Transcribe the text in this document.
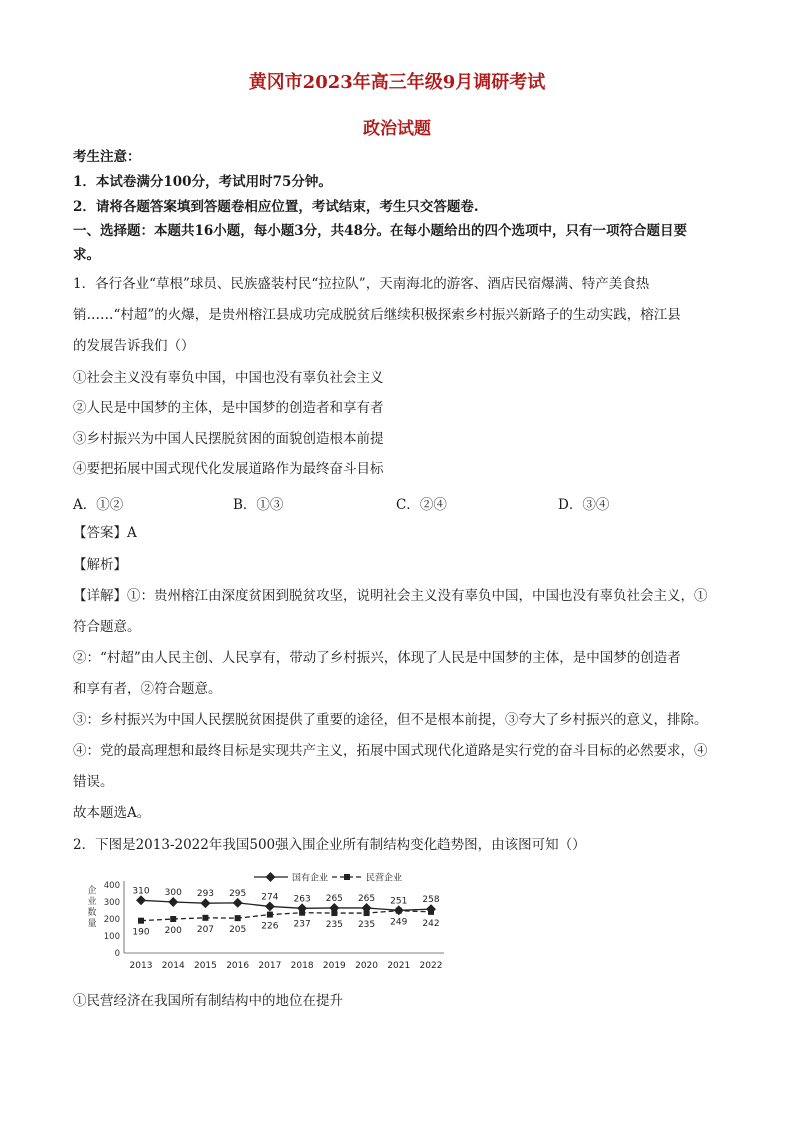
黄冈市2023年高三年级9月调研考试
政治试题
考生注意：
1．本试卷满分100分，考试用时75分钟。
2．请将各题答案填到答题卷相应位置，考试结束，考生只交答题卷.
一、选择题：本题共16小题，每小题3分，共48分。在每小题给出的四个选项中，只有一项符合题目要
求。
1．各行各业“草根”球员、民族盛装村民“拉拉队”，天南海北的游客、酒店民宿爆满、特产美食热
销……“村超”的火爆，是贵州榕江县成功完成脱贫后继续积极探索乡村振兴新路子的生动实践，榕江县
的发展告诉我们（）
①社会主义没有辜负中国，中国也没有辜负社会主义
②人民是中国梦的主体，是中国梦的创造者和享有者
③乡村振兴为中国人民摆脱贫困的面貌创造根本前提
④要把拓展中国式现代化发展道路作为最终奋斗目标
A．①②	B．①③	C．②④	D．③④
【答案】A
【解析】
【详解】①：贵州榕江由深度贫困到脱贫攻坚，说明社会主义没有辜负中国，中国也没有辜负社会主义，①
符合题意。
②：“村超”由人民主创、人民享有，带动了乡村振兴，体现了人民是中国梦的主体，是中国梦的创造者
和享有者，②符合题意。
③：乡村振兴为中国人民摆脱贫困提供了重要的途径，但不是根本前提，③夸大了乡村振兴的意义，排除。
④：党的最高理想和最终目标是实现共产主义，拓展中国式现代化道路是实行党的奋斗目标的必然要求，④
错误。
故本题选A。
2．下图是2013-2022年我国500强入围企业所有制结构变化趋势图，由该图可知（）
企
业
数
量
0
100
200
300
400
2013 2014 2015 2016 2017 2018 2019 2020 2021 2022
国有企业	民营企业
310 300 293 295 274 263 265 265 251 258
190 200 207 205 226 237 235 235 249 242
①民营经济在我国所有制结构中的地位在提升
